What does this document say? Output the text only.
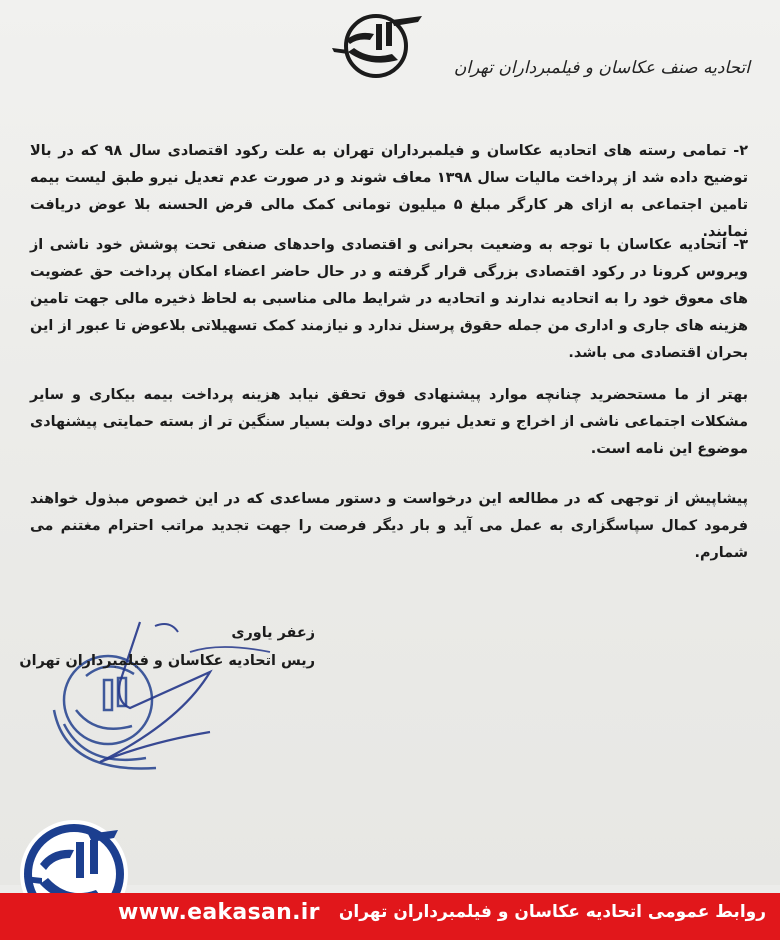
اتحادیه صنف عکاسان و فیلمبرداران تهران

۲- تمامی رسته های اتحادیه عکاسان و فیلمبرداران تهران به علت رکود اقتصادی سال ۹۸ که در بالا توضیح داده شد از پرداخت مالیات سال ۱۳۹۸ معاف شوند و در صورت عدم تعدیل نیرو طبق لیست بیمه تامین اجتماعی به ازای هر کارگر مبلغ ۵ میلیون تومانی کمک مالی قرض الحسنه بلا عوض دریافت نمایند.

۳- اتحادیه عکاسان با توجه به وضعیت بحرانی و اقتصادی واحدهای صنفی تحت پوشش خود ناشی از ویروس کرونا در رکود اقتصادی بزرگی قرار گرفته و در حال حاضر اعضاء امکان پرداخت حق عضویت های معوق خود را به اتحادیه ندارند و اتحادیه در شرایط مالی مناسبی به لحاظ ذخیره مالی جهت تامین هزینه های جاری و اداری من جمله حقوق پرسنل ندارد و نیازمند کمک تسهیلاتی بلاعوض تا عبور از این بحران اقتصادی می باشد.

بهتر از ما مستحضرید چنانچه موارد پیشنهادی فوق تحقق نیابد هزینه پرداخت بیمه بیکاری و سایر مشکلات اجتماعی ناشی از اخراج و تعدیل نیرو، برای دولت بسیار سنگین تر از بسته حمایتی پیشنهادی موضوع این نامه است.

پیشاپیش از توجهی که در مطالعه این درخواست و دستور مساعدی که در این خصوص مبذول خواهند فرمود کمال سپاسگزاری به عمل می آید و بار دیگر فرصت را جهت تجدید مراتب احترام مغتنم می شمارم.

زعفر یاوری
ریس اتحادیه عکاسان و فیلمبرداران تهران
www.eakasan.ir روابط عمومی اتحادیه عکاسان و فیلمبرداران تهران
